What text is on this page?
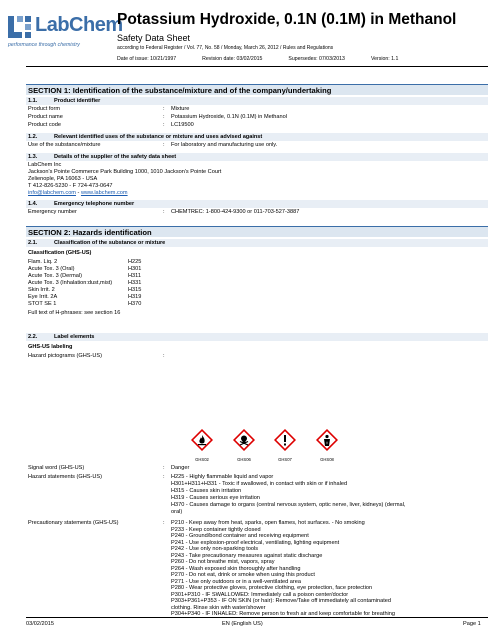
LabChem
performance through chemistry
Potassium Hydroxide, 0.1N (0.1M) in Methanol
Safety Data Sheet
according to Federal Register / Vol. 77, No. 58 / Monday, March 26, 2012 / Rules and Regulations
Date of issue: 10/21/1997	Revision date: 03/02/2015	Supersedes: 07/03/2013	Version: 1.1
SECTION 1: Identification of the substance/mixture and of the company/undertaking
1.1.	Product identifier
Product form	: Mixture
Product name	: Potassium Hydroxide, 0.1N (0.1M) in Methanol
Product code	: LC19500
1.2.	Relevant identified uses of the substance or mixture and uses advised against
Use of the substance/mixture	: For laboratory and manufacturing use only.
1.3.	Details of the supplier of the safety data sheet
LabChem Inc
Jackson's Pointe Commerce Park Building 1000, 1010 Jackson's Pointe Court
Zelienople, PA 16063 - USA
T 412-826-5230 - F 724-473-0647
info@labchem.com - www.labchem.com
1.4.	Emergency telephone number
Emergency number	: CHEMTREC: 1-800-424-9300 or 011-703-527-3887
SECTION 2: Hazards identification
2.1.	Classification of the substance or mixture
Classification (GHS-US)
Flam. Liq. 2	H225
Acute Tox. 3 (Oral)	H301
Acute Tox. 3 (Dermal)	H311
Acute Tox. 3 (Inhalation:dust,mist)	H331
Skin Irrit. 2	H315
Eye Irrit. 2A	H319
STOT SE 1	H370
Full text of H-phrases: see section 16
2.2.	Label elements
GHS-US labeling
Hazard pictograms (GHS-US)	:
GHS02	GHS06	GHS07	GHS08
Signal word (GHS-US)	: Danger
Hazard statements (GHS-US)	: H225 - Highly flammable liquid and vapor
H301+H311+H331 - Toxic if swallowed, in contact with skin or if inhaled
H315 - Causes skin irritation
H319 - Causes serious eye irritation
H370 - Causes damage to organs (central nervous system, optic nerve, liver, kidneys) (dermal,
oral)
Precautionary statements (GHS-US)	: P210 - Keep away from heat, sparks, open flames, hot surfaces. - No smoking
P233 - Keep container tightly closed
P240 - Ground/bond container and receiving equipment
P241 - Use explosion-proof electrical, ventilating, lighting equipment
P242 - Use only non-sparking tools
P243 - Take precautionary measures against static discharge
P260 - Do not breathe mist, vapors, spray
P264 - Wash exposed skin thoroughly after handling
P270 - Do not eat, drink or smoke when using this product
P271 - Use only outdoors or in a well-ventilated area
P280 - Wear protective gloves, protective clothing, eye protection, face protection
P301+P310 - IF SWALLOWED: Immediately call a poison center/doctor
P303+P361+P353 - IF ON SKIN (or hair): Remove/Take off immediately all contaminated
clothing. Rinse skin with water/shower
P304+P340 - IF INHALED: Remove person to fresh air and keep comfortable for breathing
03/02/2015	EN (English US)	Page 1
